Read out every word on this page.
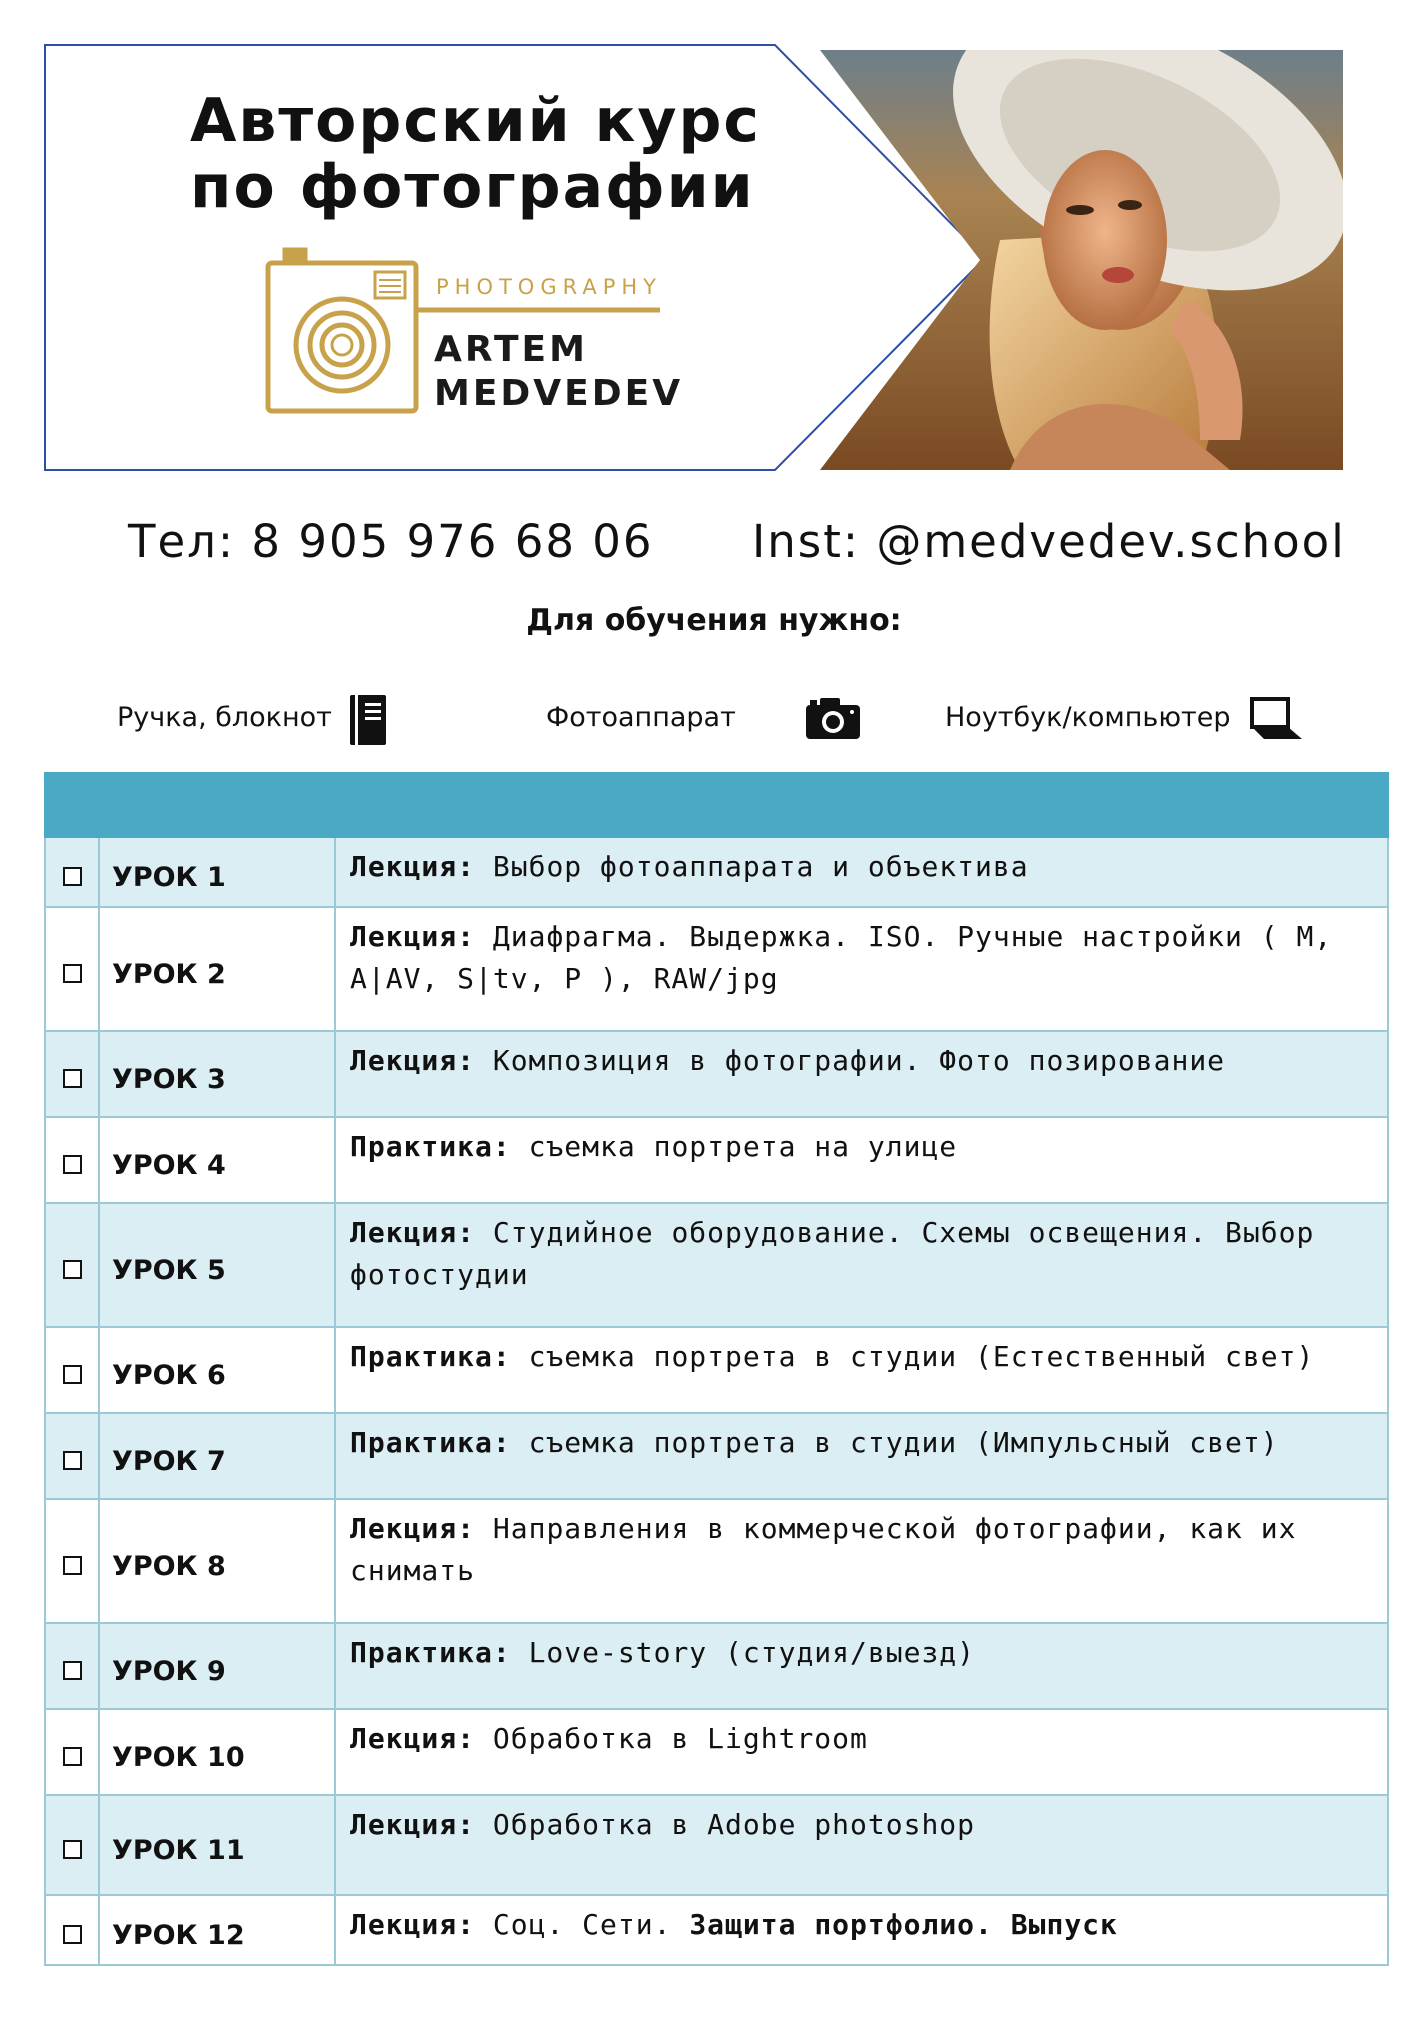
Авторский курс
по фотографии
PHOTOGRAPHY
ARTEM
MEDVEDEV
Тел: 8 905 976 68 06 Inst: @medvedev.school
Для обучения нужно:
Ручка, блокнот	Фотоаппарат	Ноутбук/компьютер

	УРОК 1	Лекция: Выбор фотоаппарата и объектива
	УРОК 2	Лекция: Диафрагма. Выдержка. ISO. Ручные настройки ( M, A|AV, S|tv, P ), RAW/jpg
	УРОК 3	Лекция: Композиция в фотографии. Фото позирование
	УРОК 4	Практика: съемка портрета на улице
	УРОК 5	Лекция: Студийное оборудование. Схемы освещения. Выбор фотостудии
	УРОК 6	Практика: съемка портрета в студии (Естественный свет)
	УРОК 7	Практика: съемка портрета в студии (Импульсный свет)
	УРОК 8	Лекция: Направления в коммерческой фотографии, как их снимать
	УРОК 9	Практика: Love-story (студия/выезд)
	УРОК 10	Лекция: Обработка в Lightroom
	УРОК 11	Лекция: Обработка в Adobe photoshop
	УРОК 12	Лекция: Соц. Сети. Защита портфолио. Выпуск
